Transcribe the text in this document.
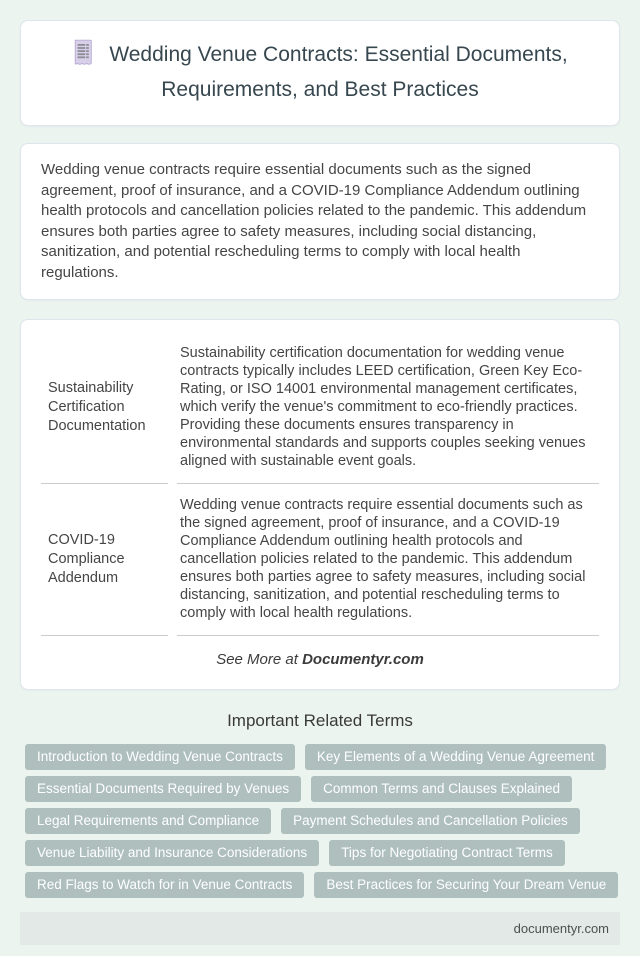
Wedding Venue Contracts: Essential Documents, Requirements, and Best Practices

Wedding venue contracts require essential documents such as the signed agreement, proof of insurance, and a COVID-19 Compliance Addendum outlining health protocols and cancellation policies related to the pandemic. This addendum ensures both parties agree to safety measures, including social distancing, sanitization, and potential rescheduling terms to comply with local health regulations.

Sustainability Certification Documentation
Sustainability certification documentation for wedding venue contracts typically includes LEED certification, Green Key Eco-Rating, or ISO 14001 environmental management certificates, which verify the venue's commitment to eco-friendly practices. Providing these documents ensures transparency in environmental standards and supports couples seeking venues aligned with sustainable event goals.
COVID-19 Compliance Addendum
Wedding venue contracts require essential documents such as the signed agreement, proof of insurance, and a COVID-19 Compliance Addendum outlining health protocols and cancellation policies related to the pandemic. This addendum ensures both parties agree to safety measures, including social distancing, sanitization, and potential rescheduling terms to comply with local health regulations.

See More at Documentyr.com

Important Related Terms
Introduction to Wedding Venue Contracts	Key Elements of a Wedding Venue Agreement
Essential Documents Required by Venues	Common Terms and Clauses Explained
Legal Requirements and Compliance	Payment Schedules and Cancellation Policies
Venue Liability and Insurance Considerations	Tips for Negotiating Contract Terms
Red Flags to Watch for in Venue Contracts	Best Practices for Securing Your Dream Venue
documentyr.com
